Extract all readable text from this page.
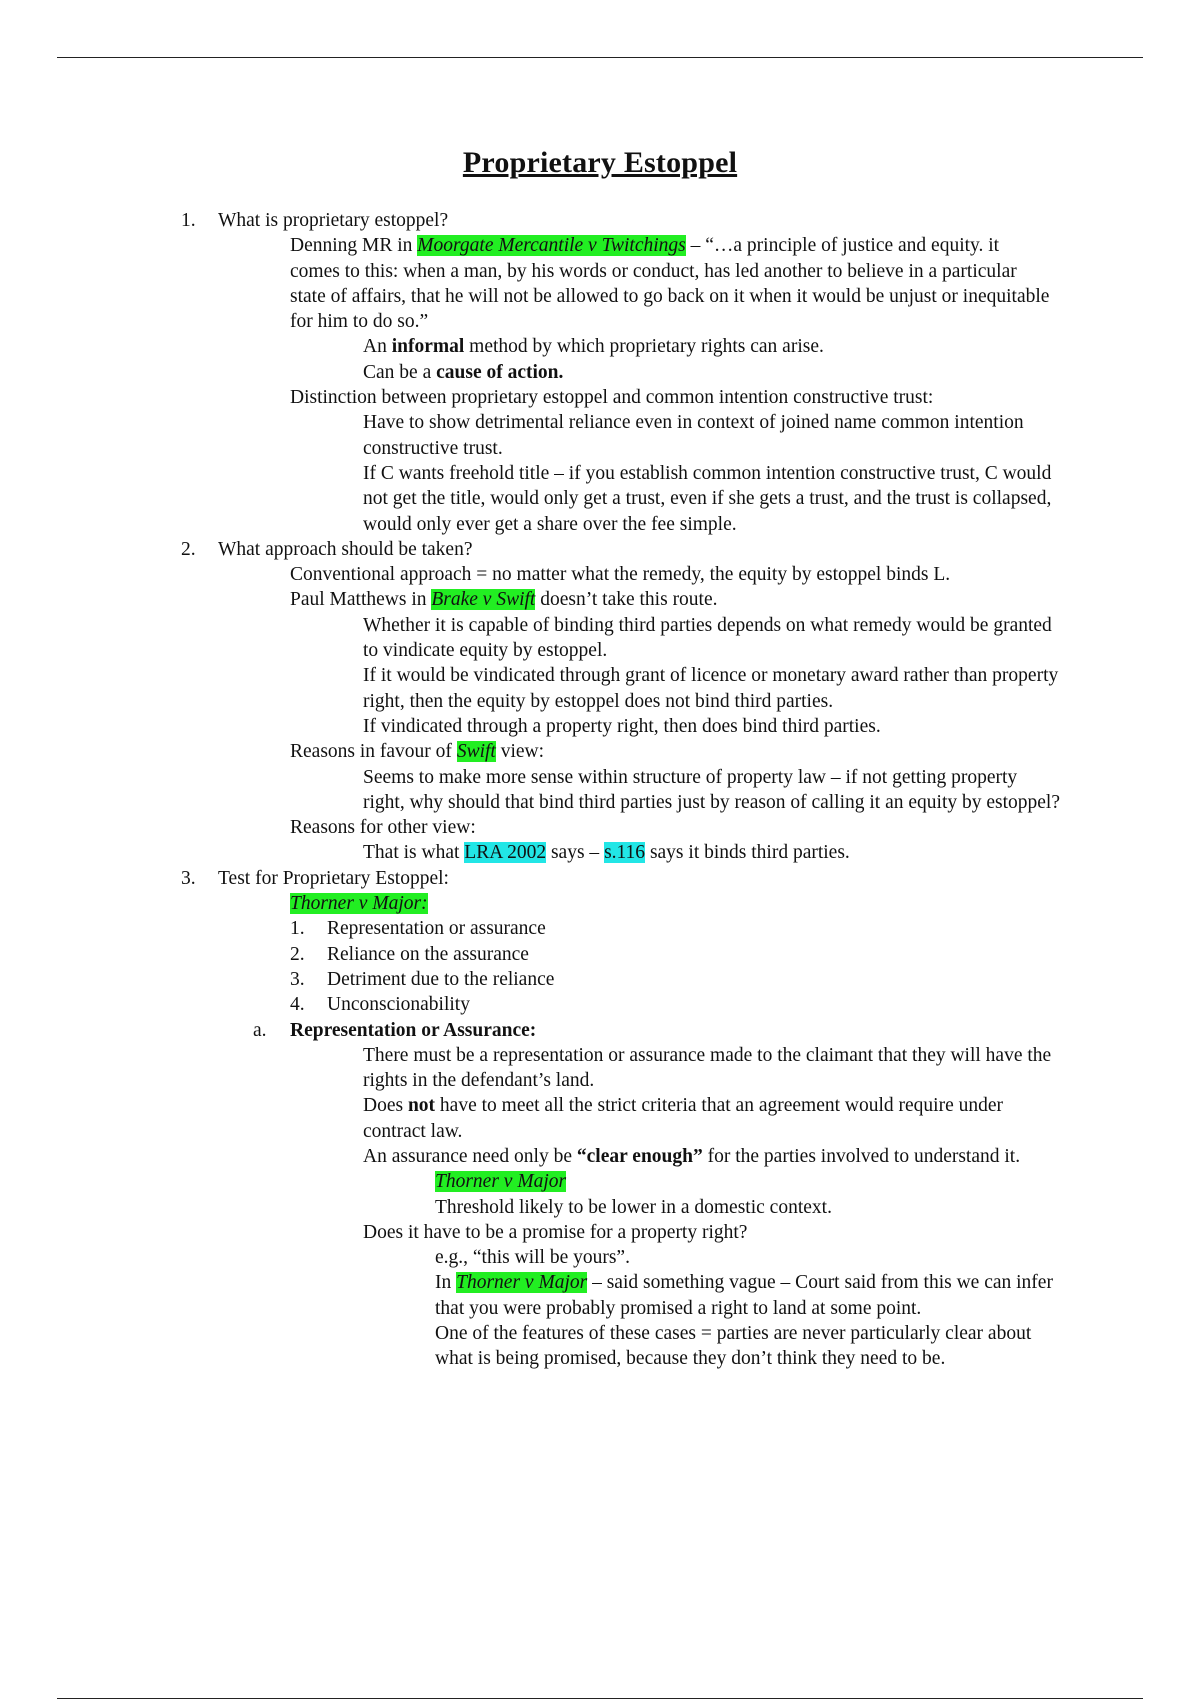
Proprietary Estoppel
1. What is proprietary estoppel?
Denning MR in Moorgate Mercantile v Twitchings – “…a principle of justice and equity. it comes to this: when a man, by his words or conduct, has led another to believe in a particular state of affairs, that he will not be allowed to go back on it when it would be unjust or inequitable for him to do so.”
An informal method by which proprietary rights can arise.
Can be a cause of action.
Distinction between proprietary estoppel and common intention constructive trust:
Have to show detrimental reliance even in context of joined name common intention constructive trust.
If C wants freehold title – if you establish common intention constructive trust, C would not get the title, would only get a trust, even if she gets a trust, and the trust is collapsed, would only ever get a share over the fee simple.
2. What approach should be taken?
Conventional approach = no matter what the remedy, the equity by estoppel binds L.
Paul Matthews in Brake v Swift doesn’t take this route.
Whether it is capable of binding third parties depends on what remedy would be granted to vindicate equity by estoppel.
If it would be vindicated through grant of licence or monetary award rather than property right, then the equity by estoppel does not bind third parties.
If vindicated through a property right, then does bind third parties.
Reasons in favour of Swift view:
Seems to make more sense within structure of property law – if not getting property right, why should that bind third parties just by reason of calling it an equity by estoppel?
Reasons for other view:
That is what LRA 2002 says – s.116 says it binds third parties.
3. Test for Proprietary Estoppel:
Thorner v Major:
1. Representation or assurance
2. Reliance on the assurance
3. Detriment due to the reliance
4. Unconscionability
a. Representation or Assurance:
There must be a representation or assurance made to the claimant that they will have the rights in the defendant’s land.
Does not have to meet all the strict criteria that an agreement would require under contract law.
An assurance need only be “clear enough” for the parties involved to understand it.
Thorner v Major
Threshold likely to be lower in a domestic context.
Does it have to be a promise for a property right?
e.g., “this will be yours”.
In Thorner v Major – said something vague – Court said from this we can infer that you were probably promised a right to land at some point.
One of the features of these cases = parties are never particularly clear about what is being promised, because they don’t think they need to be.
